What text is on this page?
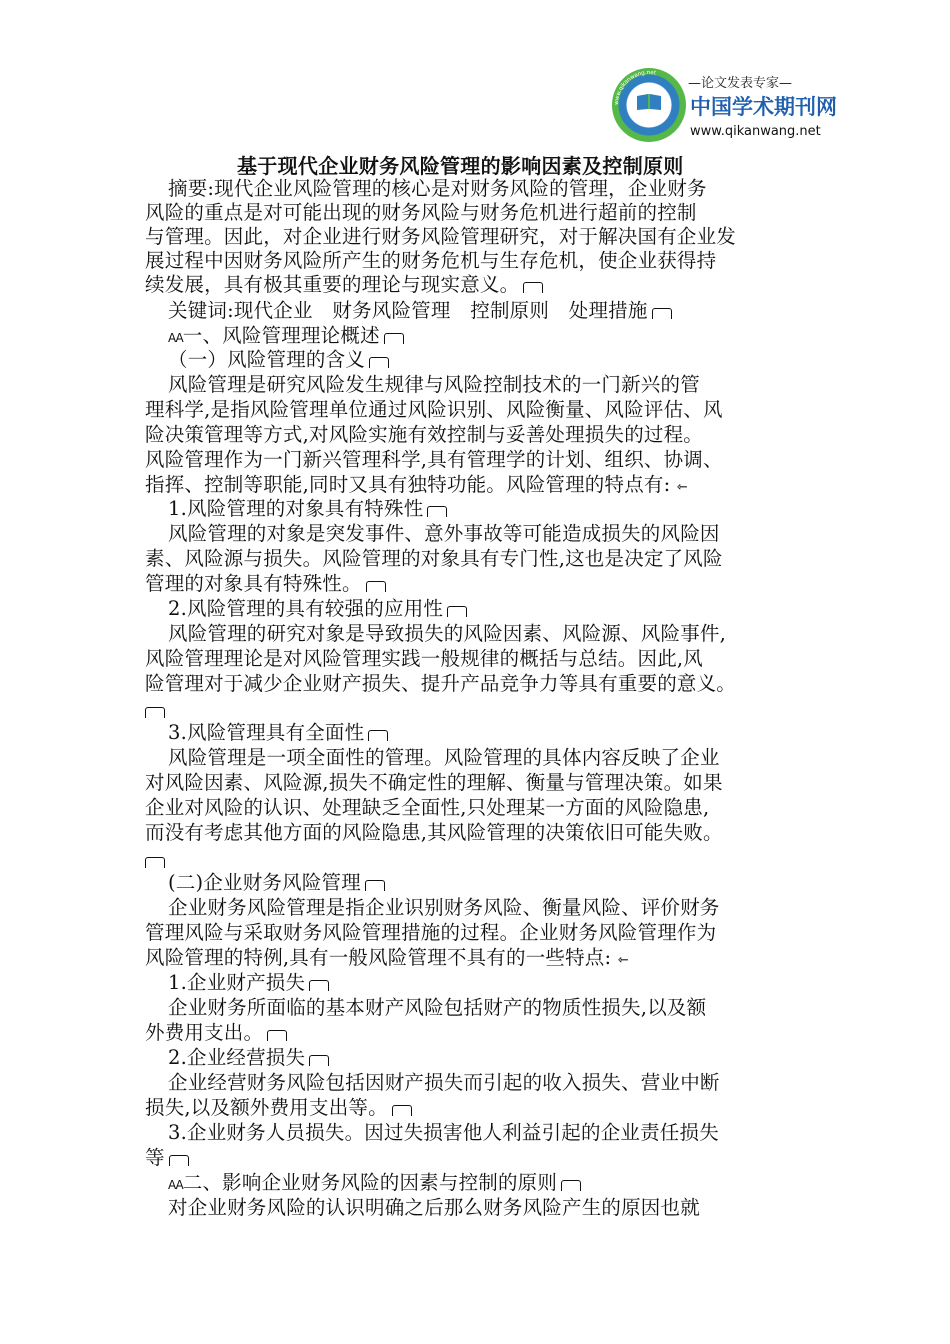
www.qikanwang.net
—论文发表专家—
中国学术期刊网
www.qikanwang.net
基于现代企业财务风险管理的影响因素及控制原则
摘要:现代企业风险管理的核心是对财务风险的管理，企业财务
风险的重点是对可能出现的财务风险与财务危机进行超前的控制
与管理。因此，对企业进行财务风险管理研究，对于解决国有企业发
展过程中因财务风险所产生的财务危机与生存危机，使企业获得持
续发展，具有极其重要的理论与现实意义。
关键词:现代企业　财务风险管理　控制原则　处理措施
AA一、风险管理理论概述
（一）风险管理的含义
风险管理是研究风险发生规律与风险控制技术的一门新兴的管
理科学,是指风险管理单位通过风险识别、风险衡量、风险评估、风
险决策管理等方式,对风险实施有效控制与妥善处理损失的过程。
风险管理作为一门新兴管理科学,具有管理学的计划、组织、协调、
指挥、控制等职能,同时又具有独特功能。风险管理的特点有: ⇽
1.风险管理的对象具有特殊性
风险管理的对象是突发事件、意外事故等可能造成损失的风险因
素、风险源与损失。风险管理的对象具有专门性,这也是决定了风险
管理的对象具有特殊性。
2.风险管理的具有较强的应用性
风险管理的研究对象是导致损失的风险因素、风险源、风险事件,
风险管理理论是对风险管理实践一般规律的概括与总结。因此,风
险管理对于减少企业财产损失、提升产品竞争力等具有重要的意义。
3.风险管理具有全面性
风险管理是一项全面性的管理。风险管理的具体内容反映了企业
对风险因素、风险源,损失不确定性的理解、衡量与管理决策。如果
企业对风险的认识、处理缺乏全面性,只处理某一方面的风险隐患,
而没有考虑其他方面的风险隐患,其风险管理的决策依旧可能失败。
(二)企业财务风险管理
企业财务风险管理是指企业识别财务风险、衡量风险、评价财务
管理风险与采取财务风险管理措施的过程。企业财务风险管理作为
风险管理的特例,具有一般风险管理不具有的一些特点: ⇽
1.企业财产损失
企业财务所面临的基本财产风险包括财产的物质性损失,以及额
外费用支出。
2.企业经营损失
企业经营财务风险包括因财产损失而引起的收入损失、营业中断
损失,以及额外费用支出等。
3.企业财务人员损失。因过失损害他人利益引起的企业责任损失
等
AA二、影响企业财务风险的因素与控制的原则
对企业财务风险的认识明确之后那么财务风险产生的原因也就
